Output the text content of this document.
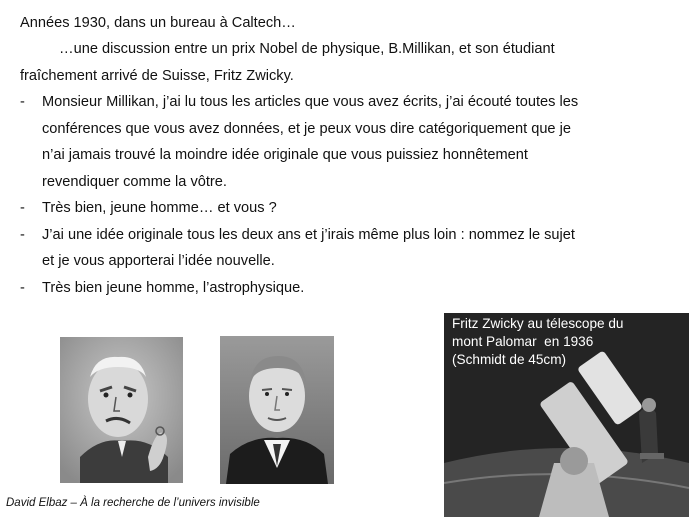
Années 1930, dans un bureau à Caltech…
…une discussion entre un prix Nobel de physique, B.Millikan, et son étudiant
fraîchement arrivé de Suisse, Fritz Zwicky.
- Monsieur Millikan, j’ai lu tous les articles que vous avez écrits, j’ai écouté toutes les
conférences que vous avez données, et je peux vous dire catégoriquement que je
n’ai jamais trouvé la moindre idée originale que vous puissiez honnêtement
revendiquer comme la vôtre.
- Très bien, jeune homme… et vous ?
- J’ai une idée originale tous les deux ans et j’irais même plus loin : nommez le sujet
et je vous apporterai l’idée nouvelle.
- Très bien jeune homme, l’astrophysique.
Fritz Zwicky au télescope du
mont Palomar  en 1936
(Schmidt de 45cm)
David Elbaz – À la recherche de l’univers invisible
